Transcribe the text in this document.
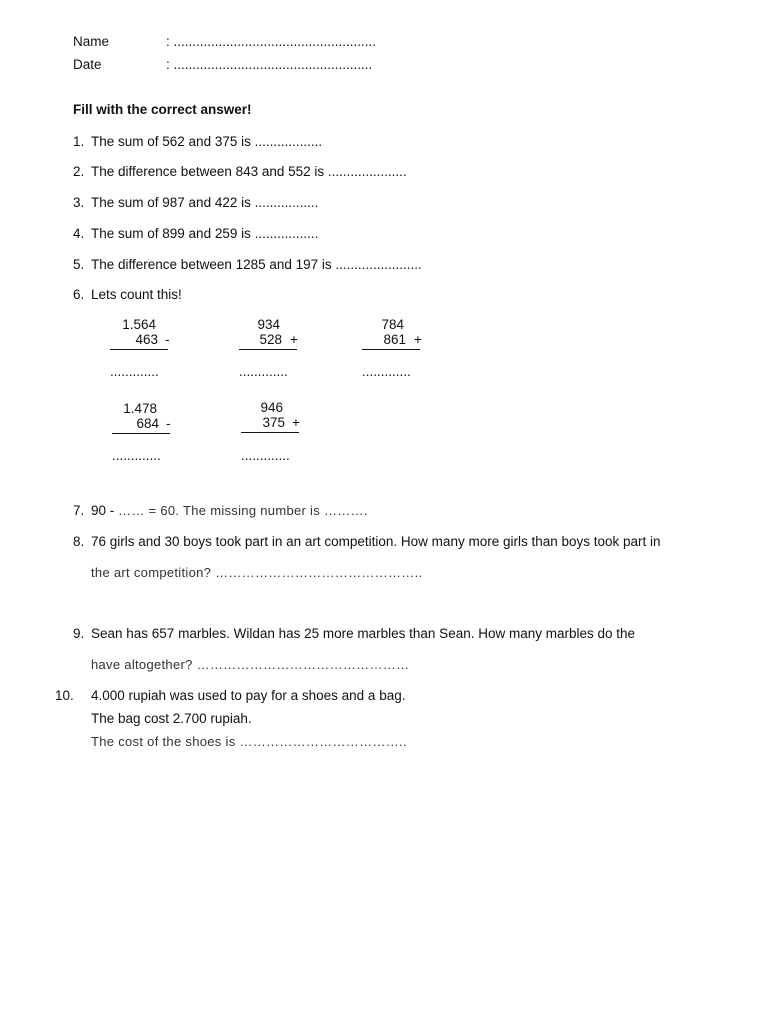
Name	: ......................................................
Date	: .....................................................
Fill with the correct answer!
1. The sum of 562 and 375 is ..................
2. The difference between 843 and 552 is .....................
3. The sum of 987 and 422 is .................
4. The sum of 899 and 259 is .................
5. The difference between 1285 and 197 is .......................
6. Lets count this!
1.564
463 -
.............
934
528 +
.............
784
861 +
.............
1.478
684 -
.............
946
375 +
.............
7. 90 - …… = 60. The missing number is ……….
8. 76 girls and 30 boys took part in an art competition. How many more girls than boys took part in
the art competition? ………………………………………..
9. Sean has 657 marbles. Wildan has 25 more marbles than Sean. How many marbles do the
have altogether? …………………………………………
10. 4.000 rupiah was used to pay for a shoes and a bag.
The bag cost 2.700 rupiah.
The cost of the shoes is ………………………………..
